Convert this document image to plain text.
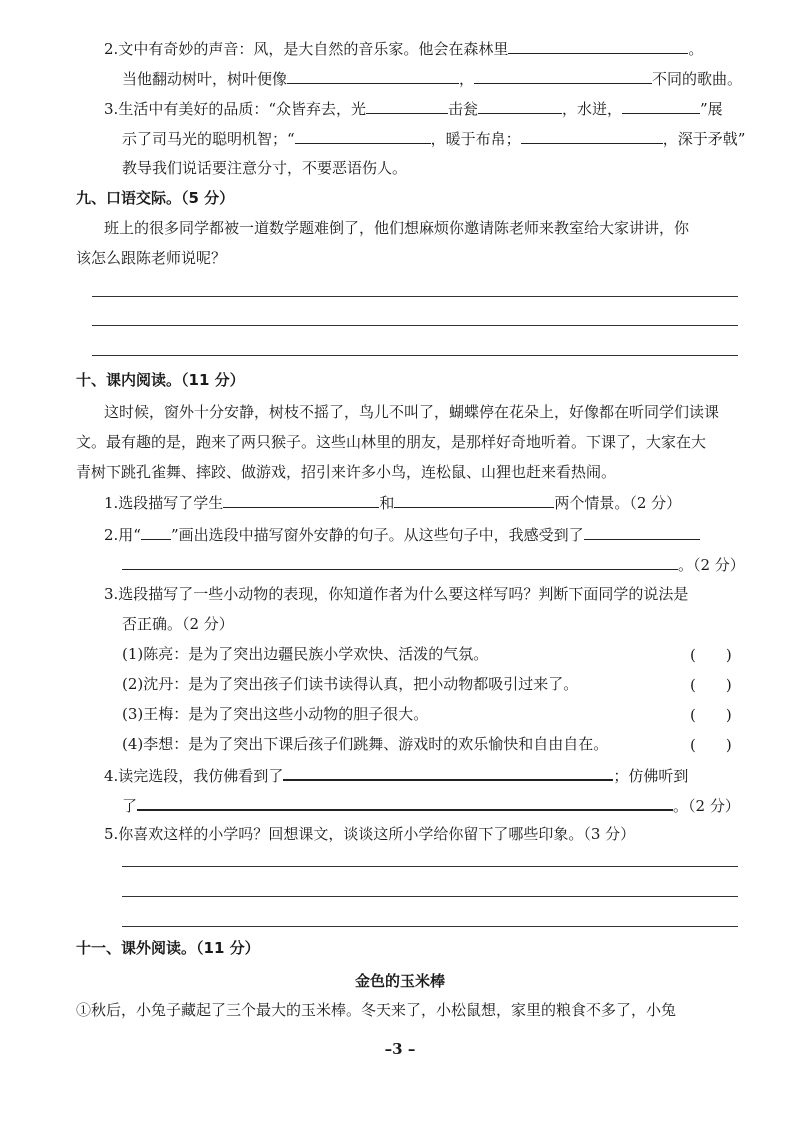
2.文中有奇妙的声音：风，是大自然的音乐家。他会在森林里	。
当他翻动树叶，树叶便像	，	不同的歌曲。
3.生活中有美好的品质：“众皆弃去，光	击瓮	，水迸，	”展
示了司马光的聪明机智；“	，暖于布帛；	，深于矛戟”
教导我们说话要注意分寸，不要恶语伤人。
九、口语交际。（5 分）
班上的很多同学都被一道数学题难倒了，他们想麻烦你邀请陈老师来教室给大家讲讲，你
该怎么跟陈老师说呢？
十、课内阅读。（11 分）
这时候，窗外十分安静，树枝不摇了，鸟儿不叫了，蝴蝶停在花朵上，好像都在听同学们读课
文。最有趣的是，跑来了两只猴子。这些山林里的朋友，是那样好奇地听着。下课了，大家在大
青树下跳孔雀舞、摔跤、做游戏，招引来许多小鸟，连松鼠、山狸也赶来看热闹。
1.选段描写了学生	和	两个情景。（2 分）
2.用“ ”画出选段中描写窗外安静的句子。从这些句子中，我感受到了
。（2 分）
3.选段描写了一些小动物的表现，你知道作者为什么要这样写吗？判断下面同学的说法是
否正确。（2 分）
(1)陈亮：是为了突出边疆民族小学欢快、活泼的气氛。	(　　)
(2)沈丹：是为了突出孩子们读书读得认真，把小动物都吸引过来了。	(　　)
(3)王梅：是为了突出这些小动物的胆子很大。	(　　)
(4)李想：是为了突出下课后孩子们跳舞、游戏时的欢乐愉快和自由自在。	(　　)
4.读完选段，我仿佛看到了	；仿佛听到
了	。（2 分）
5.你喜欢这样的小学吗？回想课文，谈谈这所小学给你留下了哪些印象。（3 分）
十一、课外阅读。（11 分）
金色的玉米棒
①秋后，小兔子藏起了三个最大的玉米棒。冬天来了，小松鼠想，家里的粮食不多了，小兔
–3 –
